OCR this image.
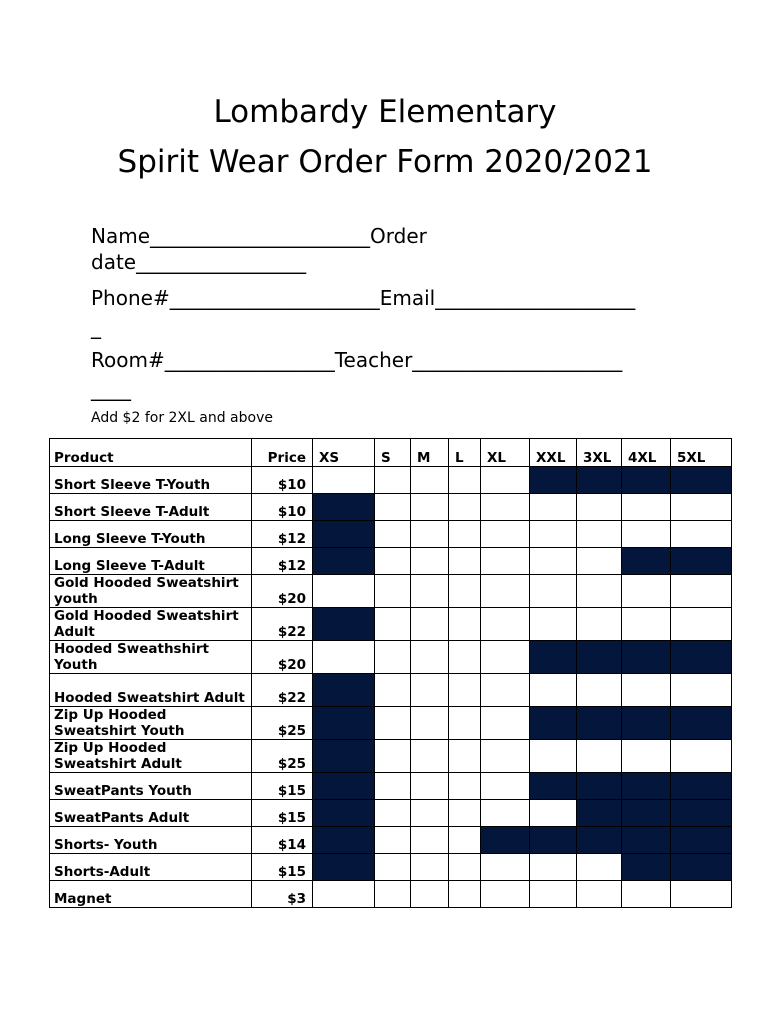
Lombardy Elementary
Spirit Wear Order Form 2020/2021
Name______________________Order
date_________________
Phone#_____________________Email____________________
_
Room#_________________Teacher_____________________
____
Add $2 for 2XL and above
Product	Price	XS	S	M	L	XL	XXL	3XL	4XL	5XL
Short Sleeve T-Youth	$10									
Short Sleeve T-Adult	$10									
Long Sleeve T-Youth	$12									
Long Sleeve T-Adult	$12									
Gold Hooded Sweatshirt youth	$20									
Gold Hooded Sweatshirt Adult	$22									
Hooded Sweathshirt Youth	$20									
Hooded Sweatshirt Adult	$22									
Zip Up Hooded Sweatshirt Youth	$25									
Zip Up Hooded Sweatshirt Adult	$25									
SweatPants Youth	$15									
SweatPants Adult	$15									
Shorts- Youth	$14									
Shorts-Adult	$15									
Magnet	$3									
